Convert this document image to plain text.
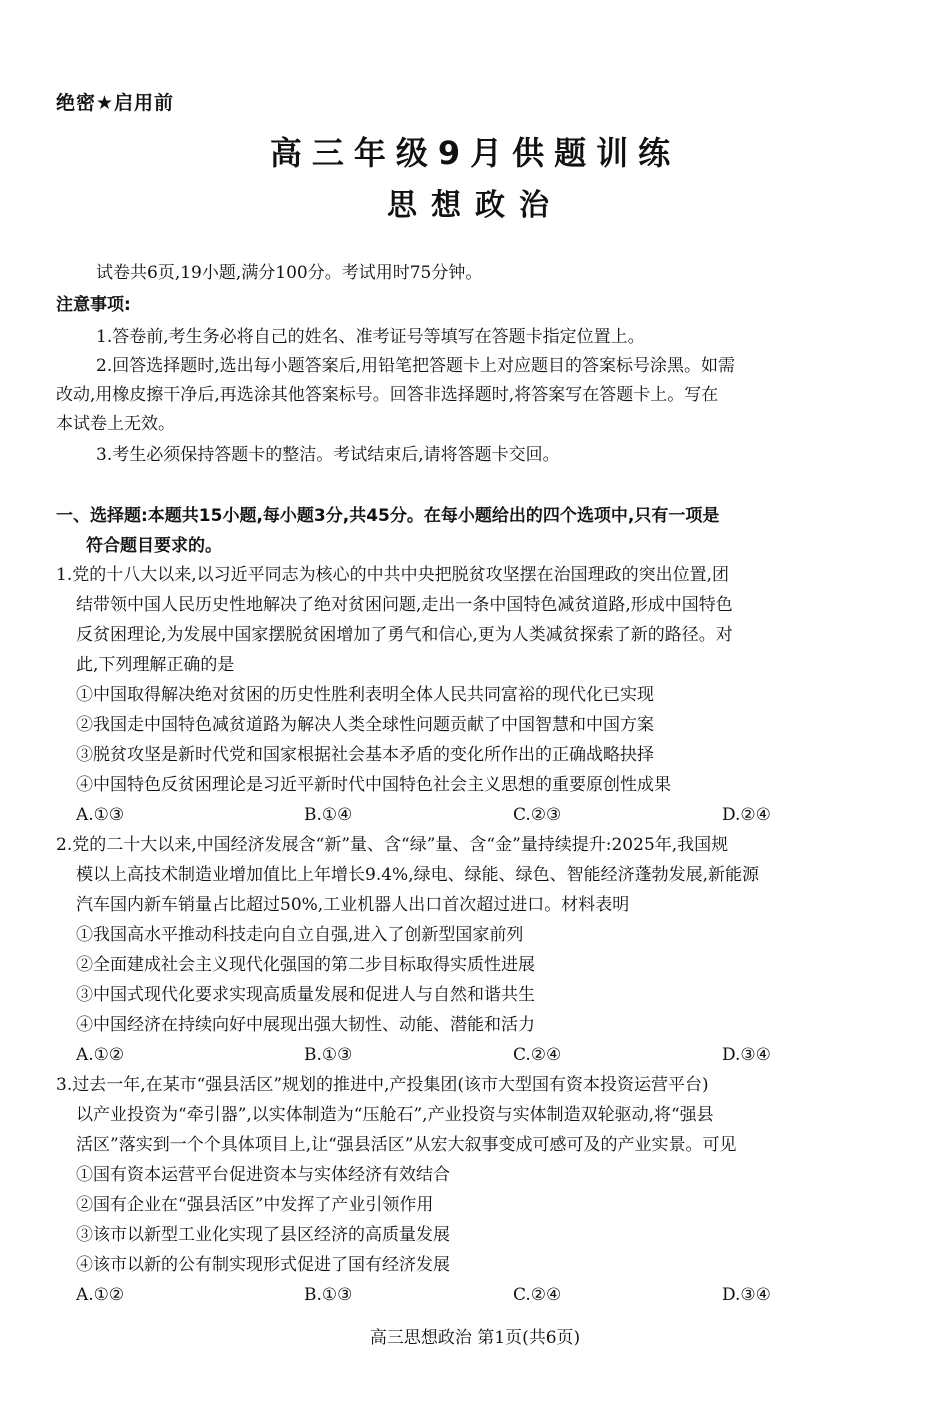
绝密★启用前
高三年级9月供题训练
思想政治
试卷共6页,19小题,满分100分。考试用时75分钟。
注意事项:
1.答卷前,考生务必将自己的姓名、准考证号等填写在答题卡指定位置上。
2.回答选择题时,选出每小题答案后,用铅笔把答题卡上对应题目的答案标号涂黑。如需
改动,用橡皮擦干净后,再选涂其他答案标号。回答非选择题时,将答案写在答题卡上。写在
本试卷上无效。
3.考生必须保持答题卡的整洁。考试结束后,请将答题卡交回。
一、选择题:本题共15小题,每小题3分,共45分。在每小题给出的四个选项中,只有一项是
符合题目要求的。
1.党的十八大以来,以习近平同志为核心的中共中央把脱贫攻坚摆在治国理政的突出位置,团
结带领中国人民历史性地解决了绝对贫困问题,走出一条中国特色减贫道路,形成中国特色
反贫困理论,为发展中国家摆脱贫困增加了勇气和信心,更为人类减贫探索了新的路径。对
此,下列理解正确的是
①中国取得解决绝对贫困的历史性胜利表明全体人民共同富裕的现代化已实现
②我国走中国特色减贫道路为解决人类全球性问题贡献了中国智慧和中国方案
③脱贫攻坚是新时代党和国家根据社会基本矛盾的变化所作出的正确战略抉择
④中国特色反贫困理论是习近平新时代中国特色社会主义思想的重要原创性成果
A.①③	B.①④	C.②③	D.②④
2.党的二十大以来,中国经济发展含“新”量、含“绿”量、含“金”量持续提升:2025年,我国规
模以上高技术制造业增加值比上年增长9.4%,绿电、绿能、绿色、智能经济蓬勃发展,新能源
汽车国内新车销量占比超过50%,工业机器人出口首次超过进口。材料表明
①我国高水平推动科技走向自立自强,进入了创新型国家前列
②全面建成社会主义现代化强国的第二步目标取得实质性进展
③中国式现代化要求实现高质量发展和促进人与自然和谐共生
④中国经济在持续向好中展现出强大韧性、动能、潜能和活力
A.①②	B.①③	C.②④	D.③④
3.过去一年,在某市“强县活区”规划的推进中,产投集团(该市大型国有资本投资运营平台)
以产业投资为“牵引器”,以实体制造为“压舱石”,产业投资与实体制造双轮驱动,将“强县
活区”落实到一个个具体项目上,让“强县活区”从宏大叙事变成可感可及的产业实景。可见
①国有资本运营平台促进资本与实体经济有效结合
②国有企业在“强县活区”中发挥了产业引领作用
③该市以新型工业化实现了县区经济的高质量发展
④该市以新的公有制实现形式促进了国有经济发展
A.①②	B.①③	C.②④	D.③④
高三思想政治 第1页(共6页)
